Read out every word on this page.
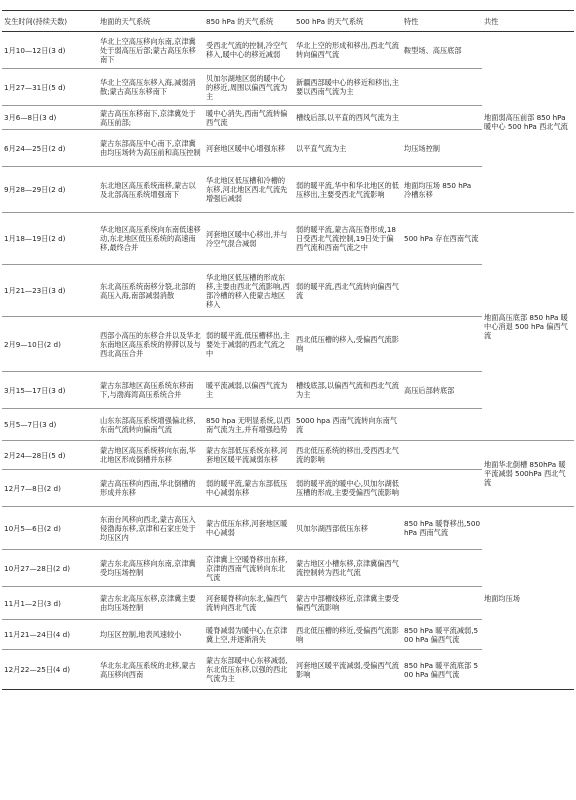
发生时间(持续天数)	地面的天气系统	850 hPa 的天气系统	500 hPa 的天气系统	特性	共性
1月10—12日(3 d)	华北上空高压移向东南,京津冀处于弱高压后部;蒙古高压东移南下	受西北气流的控制,冷空气移入,暖中心的移近减弱	华北上空的形成和移出,西北气流转向偏西气流	鞍型场、高压底部	地面弱高压前部 850 hPa 暖中心 500 hPa 西北气流
1月27—31日(5 d)	华北上空高压东移入海,减弱消散;蒙古高压东移南下	贝加尔湖地区弱的暖中心的移近,周围以偏西气流为主	新疆西部暖中心的移近和移出,主要以西南气流为主		
3月6—8日(3 d)	蒙古高压东移南下,京津冀处于高压前部;	暖中心消失,西南气流转偏西气流	槽线后部,以平直的西风气流为主		
6月24—25日(2 d)	蒙古东部高压中心南下,京津冀由均压场转为高压前和高压控制	河套地区暖中心增强东移	以平直气流为主	均压场控制	
9月28—29日(2 d)	东北地区高压系统南移,蒙古以及北部高压系统增强南下	华北地区低压槽和冷槽的东移,河北地区西北气流先增强后减弱	弱的暖平流,华中和华北地区的低压移出,主要受西北气流影响	地面均压场 850 hPa 冷槽东移	
1月18—19日(2 d)	华北地区高压系统向东南低速移动,东北地区低压系统的高速南移,最终合并	河套地区暖中心移出,并与冷空气混合减弱	弱的暖平流,蒙古高压脊形成,18日受西北气流控制,19日处于偏西气流和西南气流之中	500 hPa 存在西南气流	地面高压底部 850 hPa 暖中心消退 500 hPa 偏西气流
1月21—23日(3 d)	东北高压系统南移分裂,北部的高压入海,南部减弱消散	华北地区低压槽的形成东移,主要由西北气流影响,西部冷槽的移入使蒙古地区移入	弱的暖平流,西北气流转向偏西气流		
2月9—10日(2 d)	西部小高压的东移合并以及华北东南地区高压系统的停滞以及与西北高压合并	弱的暖平流,低压槽移出,主要处于减弱的西北气流之中	西北低压槽的移入,受偏西气流影响		
3月15—17日(3 d)	蒙古东部地区高压系统东移南下,与渤海湾高压系统合并	暖平流减弱,以偏西气流为主	槽线底部,以偏西气流和西北气流为主	高压后部转底部	
5月5—7日(3 d)	山东东部高压系统增强偏北移,东南气流转向偏南气流	850 hpa 无明显系统,以西南气流为主,并有增强趋势	5000 hpa 西南气流转向东南气流		
2月24—28日(5 d)	蒙古地区高压系统移向东南,华北地区形成倒槽并东移	蒙古东部低压系统东移,河套地区暖平流减弱东移	西北低压系统的移出,受西西北气流的影响		地面华北倒槽 850hPa 暖平流减弱 500hPa 西北气流
12月7—8日(2 d)	蒙古高压移向西南,华北倒槽的形成并东移	弱的暖平流,蒙古东部低压中心减弱东移	弱的暖平流的暖中心,贝加尔湖低压槽的形成,主要受偏西气流影响		
10月5—6日(2 d)	东南台风移向西北,蒙古高压入侵渤海东移,京津和石家庄处于均压区内	蒙古低压东移,河套地区暖中心减弱	贝加尔湖西部低压东移	850 hPa 暖脊移出,500 hPa 西南气流	地面均压场
10月27—28日(2 d)	蒙古东北高压移向东南,京津冀受均压场控制	京津冀上空暖脊移出东移,京津的西南气流转向东北气流	蒙古地区小槽东移,京津冀偏西气流控制转为西北气流		
11月1—2日(3 d)	蒙古东北高压东移,京津冀主要由均压场控制	河套暖脊移向东北,偏西气流转向西北气流	蒙古中部槽线移近,京津冀主要受偏西气流影响		
11月21—24日(4 d)	均压区控制,地表风速较小	暖脊减弱为暖中心,在京津冀上空,并逐渐消失	西北低压槽的移近,受偏西气流影响	850 hPa 暖平流减弱,500 hPa 偏西气流	
12月22—25日(4 d)	华北东北高压系统的北移,蒙古高压移向西南	蒙古东部暖中心东移减弱,东北低压东移,以强的西北气流为主	河套地区暖平流减弱,受偏西气流影响	850 hPa 暖平流底部 500 hPa 偏西气流	
